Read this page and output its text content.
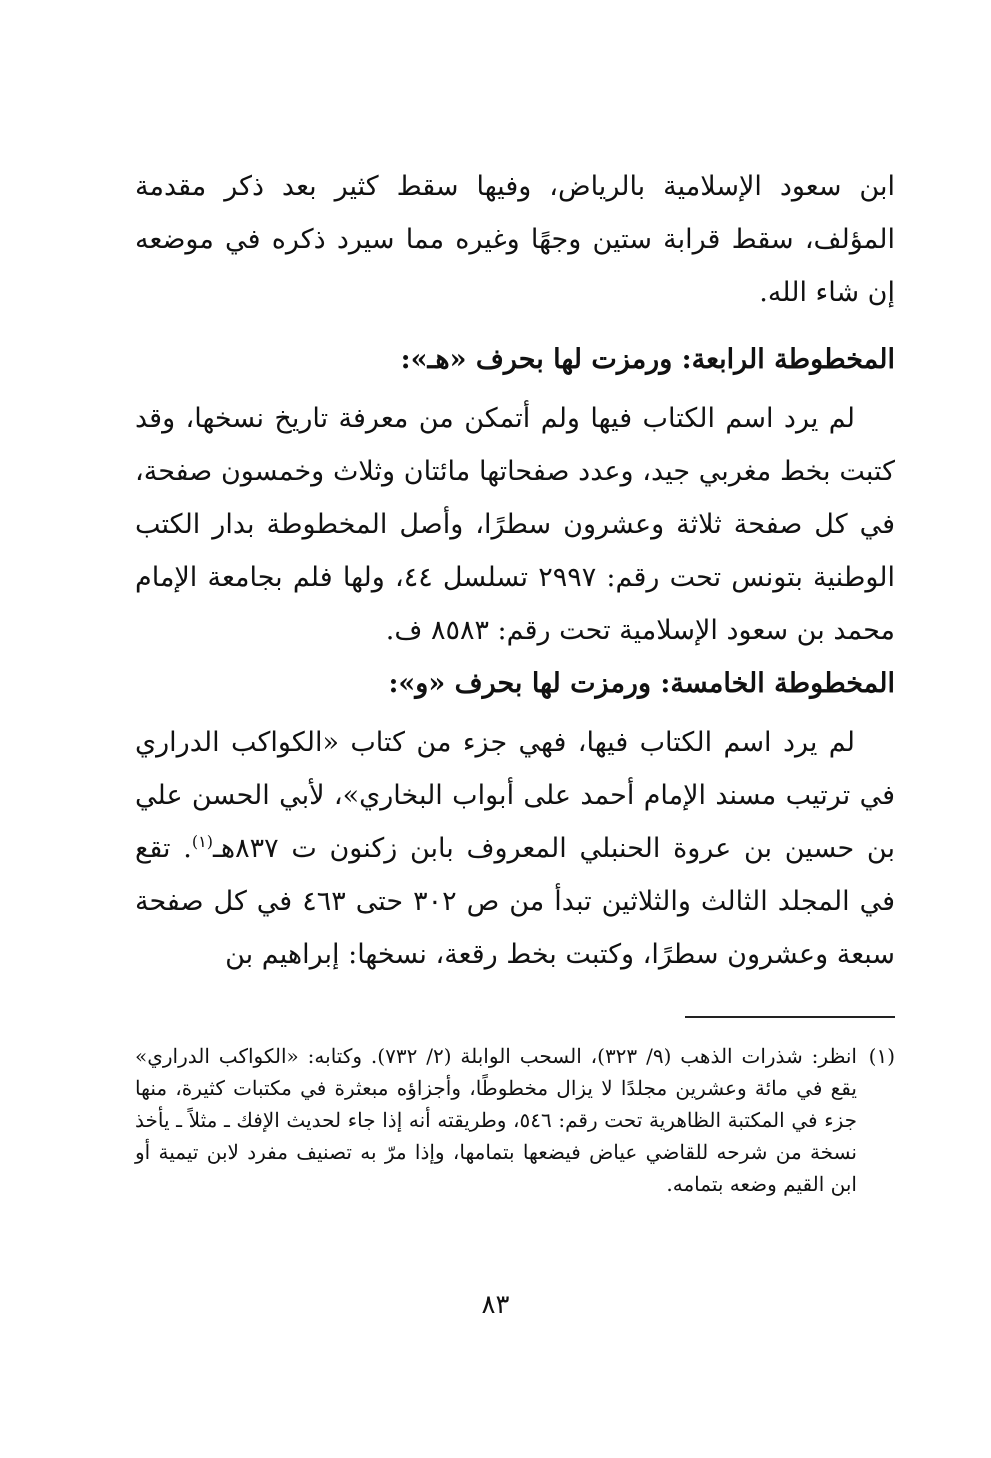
ابن سعود الإسلامية بالرياض، وفيها سقط كثير بعد ذكر مقدمة المؤلف، سقط قرابة ستين وجهًا وغيره مما سيرد ذكره في موضعه إن شاء الله.

المخطوطة الرابعة: ورمزت لها بحرف «هـ»:

لم يرد اسم الكتاب فيها ولم أتمكن من معرفة تاريخ نسخها، وقد كتبت بخط مغربي جيد، وعدد صفحاتها مائتان وثلاث وخمسون صفحة، في كل صفحة ثلاثة وعشرون سطرًا، وأصل المخطوطة بدار الكتب الوطنية بتونس تحت رقم: ٢٩٩٧ تسلسل ٤٤، ولها فلم بجامعة الإمام محمد بن سعود الإسلامية تحت رقم: ٨٥٨٣ ف.

المخطوطة الخامسة: ورمزت لها بحرف «و»:

لم يرد اسم الكتاب فيها، فهي جزء من كتاب «الكواكب الدراري في ترتيب مسند الإمام أحمد على أبواب البخاري»، لأبي الحسن علي بن حسين بن عروة الحنبلي المعروف بابن زكنون ت ٨٣٧هـ$^{(١)}$. تقع في المجلد الثالث والثلاثين تبدأ من ص ٣٠٢ حتى ٤٦٣ في كل صفحة سبعة وعشرون سطرًا، وكتبت بخط رقعة، نسخها: إبراهيم بن

(١)
انظر: شذرات الذهب (٩/ ٣٢٣)، السحب الوابلة (٢/ ٧٣٢). وكتابه: «الكواكب الدراري» يقع في مائة وعشرين مجلدًا لا يزال مخطوطًا، وأجزاؤه مبعثرة في مكتبات كثيرة، منها جزء في المكتبة الظاهرية تحت رقم: ٥٤٦، وطريقته أنه إذا جاء لحديث الإفك ـ مثلاً ـ يأخذ نسخة من شرحه للقاضي عياض فيضعها بتمامها، وإذا مرّ به تصنيف مفرد لابن تيمية أو ابن القيم وضعه بتمامه.
٨٣
